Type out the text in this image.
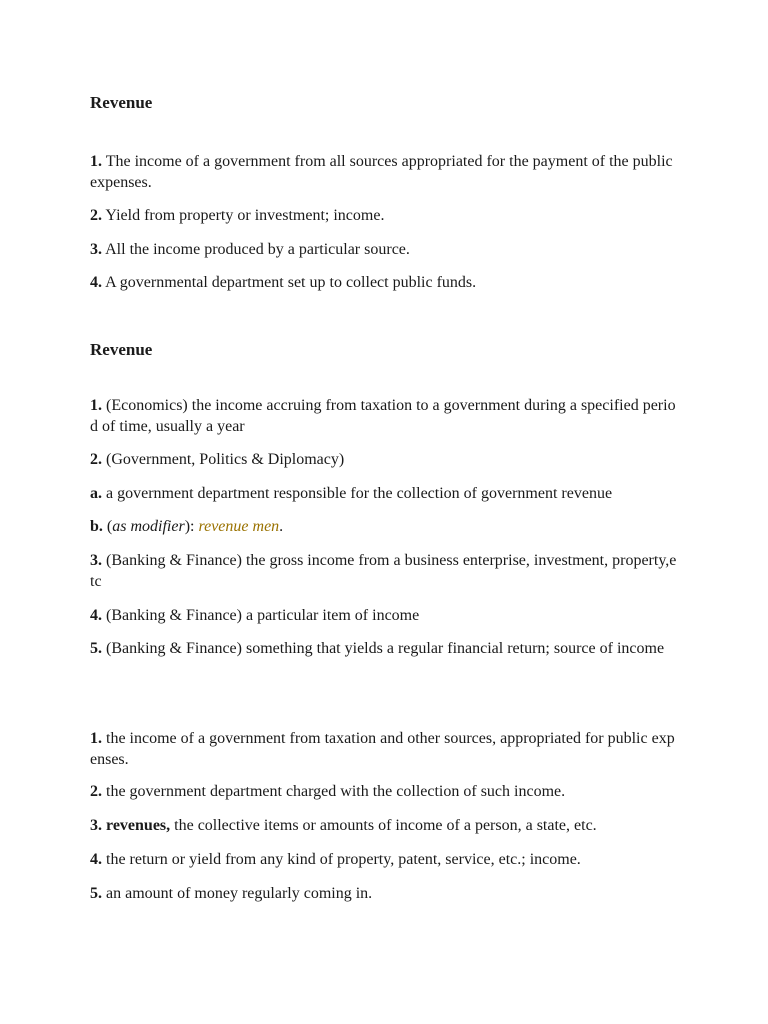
Revenue
1. The income of a government from all sources appropriated for the payment of the public expenses.
2. Yield from property or investment; income.
3. All the income produced by a particular source.
4. A governmental department set up to collect public funds.
Revenue
1. (Economics) the income accruing from taxation to a government during a specified period of time, usually a year
2. (Government, Politics & Diplomacy)
a. a government department responsible for the collection of government revenue
b. (as modifier): revenue men.
3. (Banking & Finance) the gross income from a business enterprise, investment, property,etc
4. (Banking & Finance) a particular item of income
5. (Banking & Finance) something that yields a regular financial return; source of income
1. the income of a government from taxation and other sources, appropriated for public expenses.
2. the government department charged with the collection of such income.
3. revenues, the collective items or amounts of income of a person, a state, etc.
4. the return or yield from any kind of property, patent, service, etc.; income.
5. an amount of money regularly coming in.
